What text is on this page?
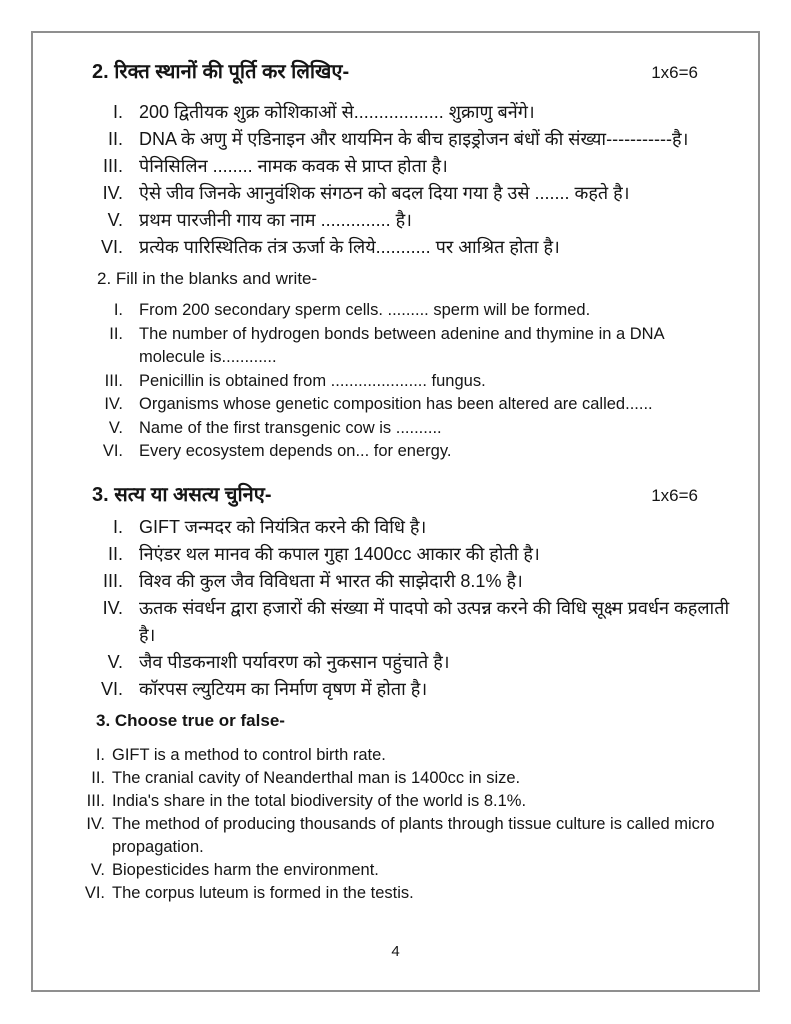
2. रिक्त स्थानों की पूर्ति कर लिखिए-	1x6=6
I. 200 द्वितीयक शुक्र कोशिकाओं से.................. शुक्राणु बनेंगे।
II. DNA के अणु में एडिनाइन और थायमिन के बीच हाइड्रोजन बंधों की संख्या-----------है।
III. पेनिसिलिन ........ नामक कवक से प्राप्त होता है।
IV. ऐसे जीव जिनके आनुवंशिक संगठन को बदल दिया गया है उसे ....... कहते है।
V. प्रथम पारजीनी गाय का नाम .............. है।
VI. प्रत्येक पारिस्थितिक तंत्र ऊर्जा के लिये........... पर आश्रित होता है।
2. Fill in the blanks and write-
I. From 200 secondary sperm cells. ......... sperm will be formed.
II. The number of hydrogen bonds between adenine and thymine in a DNA molecule is............
III. Penicillin is obtained from ..................... fungus.
IV. Organisms whose genetic composition has been altered are called......
V. Name of the first transgenic cow is ..........
VI. Every ecosystem depends on... for energy.
3. सत्य या असत्य चुनिए-	1x6=6
I. GIFT जन्मदर को नियंत्रित करने की विधि है।
II. निएंडर थल मानव की कपाल गुहा 1400cc आकार की होती है।
III. विश्व की कुल जैव विविधता में भारत की साझेदारी 8.1% है।
IV. ऊतक संवर्धन द्वारा हजारों की संख्या में पादपो को उत्पन्न करने की विधि सूक्ष्म प्रवर्धन कहलाती है।
V. जैव पीडकनाशी पर्यावरण को नुकसान पहुंचाते है।
VI. कॉरपस ल्युटियम का निर्माण वृषण में होता है।
3. Choose true or false-
I. GIFT is a method to control birth rate.
II. The cranial cavity of Neanderthal man is 1400cc in size.
III. India's share in the total biodiversity of the world is 8.1%.
IV. The method of producing thousands of plants through tissue culture is called micro propagation.
V. Biopesticides harm the environment.
VI. The corpus luteum is formed in the testis.
4
